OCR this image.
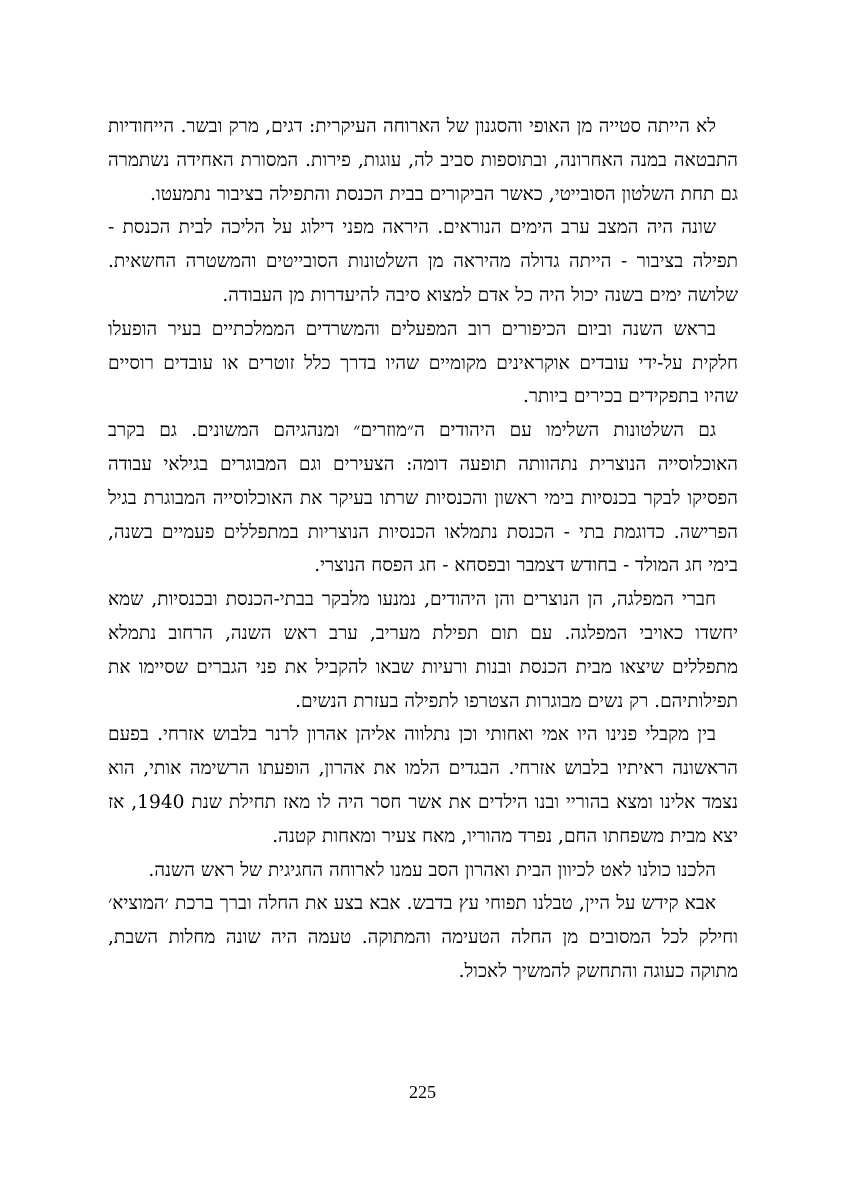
לא הייתה סטייה מן האופי והסגנון של הארוחה העיקרית: דגים, מרק ובשר. הייחודיות התבטאה במנה האחרונה, ובתוספות סביב לה, עוגות, פירות. המסורת האחידה נשתמרה גם תחת השלטון הסובייטי, כאשר הביקורים בבית הכנסת והתפילה בציבור נתמעטו.

שונה היה המצב ערב הימים הנוראים. היראה מפני דילוג על הליכה לבית הכנסת - תפילה בציבור - הייתה גדולה מהיראה מן השלטונות הסובייטים והמשטרה החשאית. שלושה ימים בשנה יכול היה כל אדם למצוא סיבה להיעדרות מן העבודה.

בראש השנה וביום הכיפורים רוב המפעלים והמשרדים הממלכתיים בעיר הופעלו חלקית על-ידי עובדים אוקראינים מקומיים שהיו בדרך כלל זוטרים או עובדים רוסיים שהיו בתפקידים בכירים ביותר.

גם השלטונות השלימו עם היהודים ה״מוזרים״ ומנהגיהם המשונים. גם בקרב האוכלוסייה הנוצרית נתהוותה תופעה דומה: הצעירים וגם המבוגרים בגילאי עבודה הפסיקו לבקר בכנסיות בימי ראשון והכנסיות שרתו בעיקר את האוכלוסייה המבוגרת בגיל הפרישה. כדוגמת בתי - הכנסת נתמלאו הכנסיות הנוצריות במתפללים פעמיים בשנה, בימי חג המולד - בחודש דצמבר ובפסחא - חג הפסח הנוצרי.

חברי המפלגה, הן הנוצרים והן היהודים, נמנעו מלבקר בבתי-הכנסת ובכנסיות, שמא יחשדו כאויבי המפלגה. עם תום תפילת מעריב, ערב ראש השנה, הרחוב נתמלא מתפללים שיצאו מבית הכנסת ובנות ורעיות שבאו להקביל את פני הגברים שסיימו את תפילותיהם. רק נשים מבוגרות הצטרפו לתפילה בעזרת הנשים.

בין מקבלי פנינו היו אמי ואחותי וכן נתלווה אליהן אהרון לרנר בלבוש אזרחי. בפעם הראשונה ראיתיו בלבוש אזרחי. הבגדים הלמו את אהרון, הופעתו הרשימה אותי, הוא נצמד אלינו ומצא בהוריי ובנו הילדים את אשר חסר היה לו מאז תחילת שנת 1940, אז יצא מבית משפחתו החם, נפרד מהוריו, מאח צעיר ומאחות קטנה.

הלכנו כולנו לאט לכיוון הבית ואהרון הסב עמנו לארוחה החגיגית של ראש השנה.

אבא קידש על היין, טבלנו תפוחי עץ בדבש. אבא בצע את החלה וברך ברכת ׳המוציא׳ וחילק לכל המסובים מן החלה הטעימה והמתוקה. טעמה היה שונה מחלות השבת, מתוקה כעוגה והתחשק להמשיך לאכול.

225
